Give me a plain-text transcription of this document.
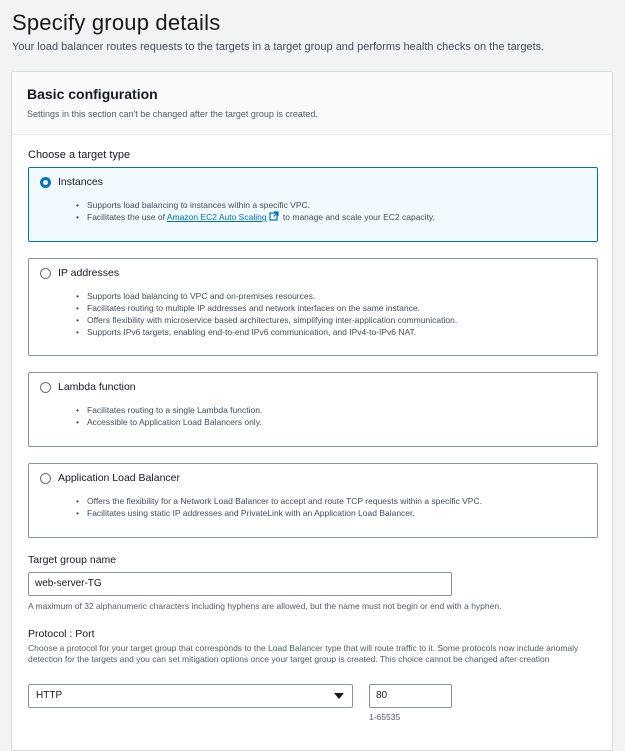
Specify group details

Your load balancer routes requests to the targets in a target group and performs health checks on the targets.

Basic configuration
Settings in this section can't be changed after the target group is created.
Choose a target type
Instances
• Supports load balancing to instances within a specific VPC.
• Facilitates the use of Amazon EC2 Auto Scaling to manage and scale your EC2 capacity.
IP addresses
• Supports load balancing to VPC and on-premises resources.
• Facilitates routing to multiple IP addresses and network interfaces on the same instance.
• Offers flexibility with microservice based architectures, simplifying inter-application communication.
• Supports IPv6 targets, enabling end-to-end IPv6 communication, and IPv4-to-IPv6 NAT.
Lambda function
• Facilitates routing to a single Lambda function.
• Accessible to Application Load Balancers only.
Application Load Balancer
• Offers the flexibility for a Network Load Balancer to accept and route TCP requests within a specific VPC.
• Facilitates using static IP addresses and PrivateLink with an Application Load Balancer.
Target group name
web-server-TG
A maximum of 32 alphanumeric characters including hyphens are allowed, but the name must not begin or end with a hyphen.
Protocol : Port
Choose a protocol for your target group that corresponds to the Load Balancer type that will route traffic to it. Some protocols now include anomaly detection for the targets and you can set mitigation options once your target group is created. This choice cannot be changed after creation
HTTP	80
1-65535
